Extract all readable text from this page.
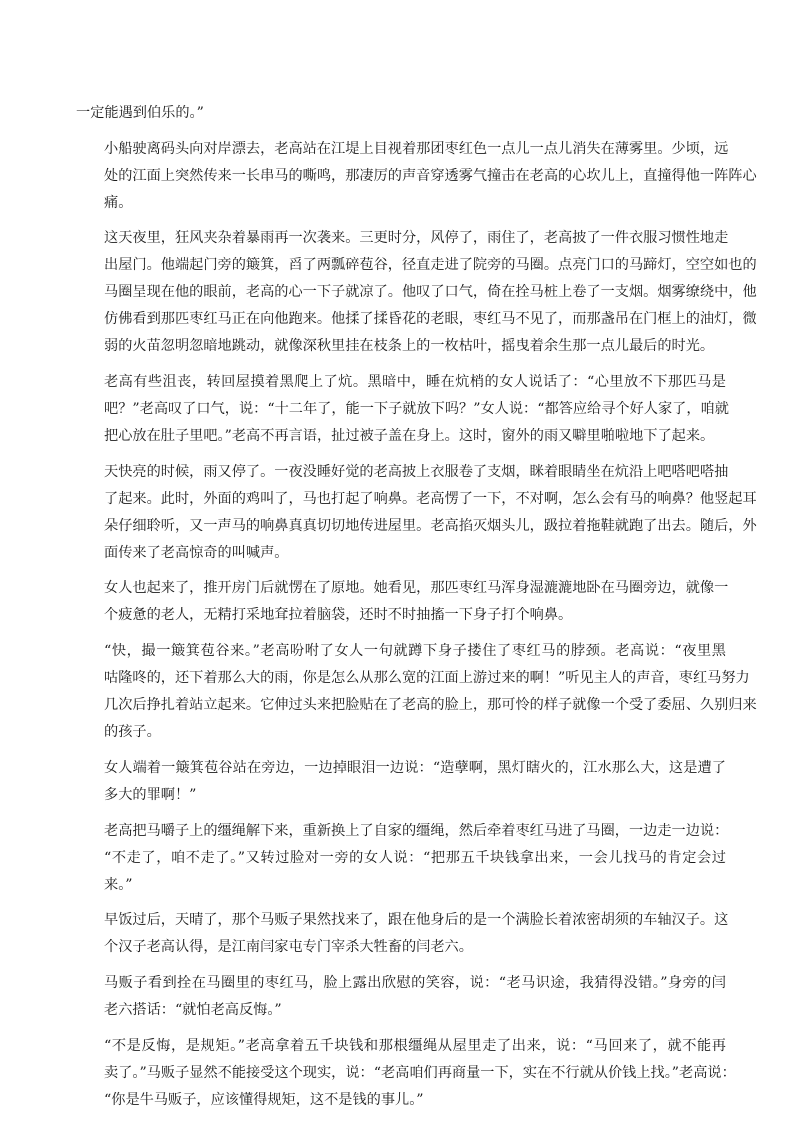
一定能遇到伯乐的。”

小船驶离码头向对岸漂去，老高站在江堤上目视着那团枣红色一点儿一点儿消失在薄雾里。少顷，远
处的江面上突然传来一长串马的嘶鸣，那凄厉的声音穿透雾气撞击在老高的心坎儿上，直撞得他一阵阵心
痛。

这天夜里，狂风夹杂着暴雨再一次袭来。三更时分，风停了，雨住了，老高披了一件衣服习惯性地走
出屋门。他端起门旁的簸箕，舀了两瓢碎苞谷，径直走进了院旁的马圈。点亮门口的马蹄灯，空空如也的
马圈呈现在他的眼前，老高的心一下子就凉了。他叹了口气，倚在拴马桩上卷了一支烟。烟雾缭绕中，他
仿佛看到那匹枣红马正在向他跑来。他揉了揉昏花的老眼，枣红马不见了，而那盏吊在门框上的油灯，微
弱的火苗忽明忽暗地跳动，就像深秋里挂在枝条上的一枚枯叶，摇曳着余生那一点儿最后的时光。

老高有些沮丧，转回屋摸着黑爬上了炕。黑暗中，睡在炕梢的女人说话了：“心里放不下那匹马是
吧？”老高叹了口气，说：“十二年了，能一下子就放下吗？”女人说：“都答应给寻个好人家了，咱就
把心放在肚子里吧。”老高不再言语，扯过被子盖在身上。这时，窗外的雨又噼里啪啦地下了起来。

天快亮的时候，雨又停了。一夜没睡好觉的老高披上衣服卷了支烟，眯着眼睛坐在炕沿上吧嗒吧嗒抽
了起来。此时，外面的鸡叫了，马也打起了响鼻。老高愣了一下，不对啊，怎么会有马的响鼻？他竖起耳
朵仔细聆听，又一声马的响鼻真真切切地传进屋里。老高掐灭烟头儿，趿拉着拖鞋就跑了出去。随后，外
面传来了老高惊奇的叫喊声。

女人也起来了，推开房门后就愣在了原地。她看见，那匹枣红马浑身湿漉漉地卧在马圈旁边，就像一
个疲惫的老人，无精打采地耷拉着脑袋，还时不时抽搐一下身子打个响鼻。

“快，撮一簸箕苞谷来。”老高吩咐了女人一句就蹲下身子搂住了枣红马的脖颈。老高说：“夜里黑
咕隆咚的，还下着那么大的雨，你是怎么从那么宽的江面上游过来的啊！”听见主人的声音，枣红马努力
几次后挣扎着站立起来。它伸过头来把脸贴在了老高的脸上，那可怜的样子就像一个受了委屈、久别归来
的孩子。

女人端着一簸箕苞谷站在旁边，一边掉眼泪一边说：“造孽啊，黑灯瞎火的，江水那么大，这是遭了
多大的罪啊！”

老高把马嚼子上的缰绳解下来，重新换上了自家的缰绳，然后牵着枣红马进了马圈，一边走一边说：
“不走了，咱不走了。”又转过脸对一旁的女人说：“把那五千块钱拿出来，一会儿找马的肯定会过
来。”

早饭过后，天晴了，那个马贩子果然找来了，跟在他身后的是一个满脸长着浓密胡须的车轴汉子。这
个汉子老高认得，是江南闫家屯专门宰杀大牲畜的闫老六。

马贩子看到拴在马圈里的枣红马，脸上露出欣慰的笑容，说：“老马识途，我猜得没错。”身旁的闫
老六搭话：“就怕老高反悔。”

“不是反悔，是规矩。”老高拿着五千块钱和那根缰绳从屋里走了出来，说：“马回来了，就不能再
卖了。”马贩子显然不能接受这个现实，说：“老高咱们再商量一下，实在不行就从价钱上找。”老高说：
“你是牛马贩子，应该懂得规矩，这不是钱的事儿。”
